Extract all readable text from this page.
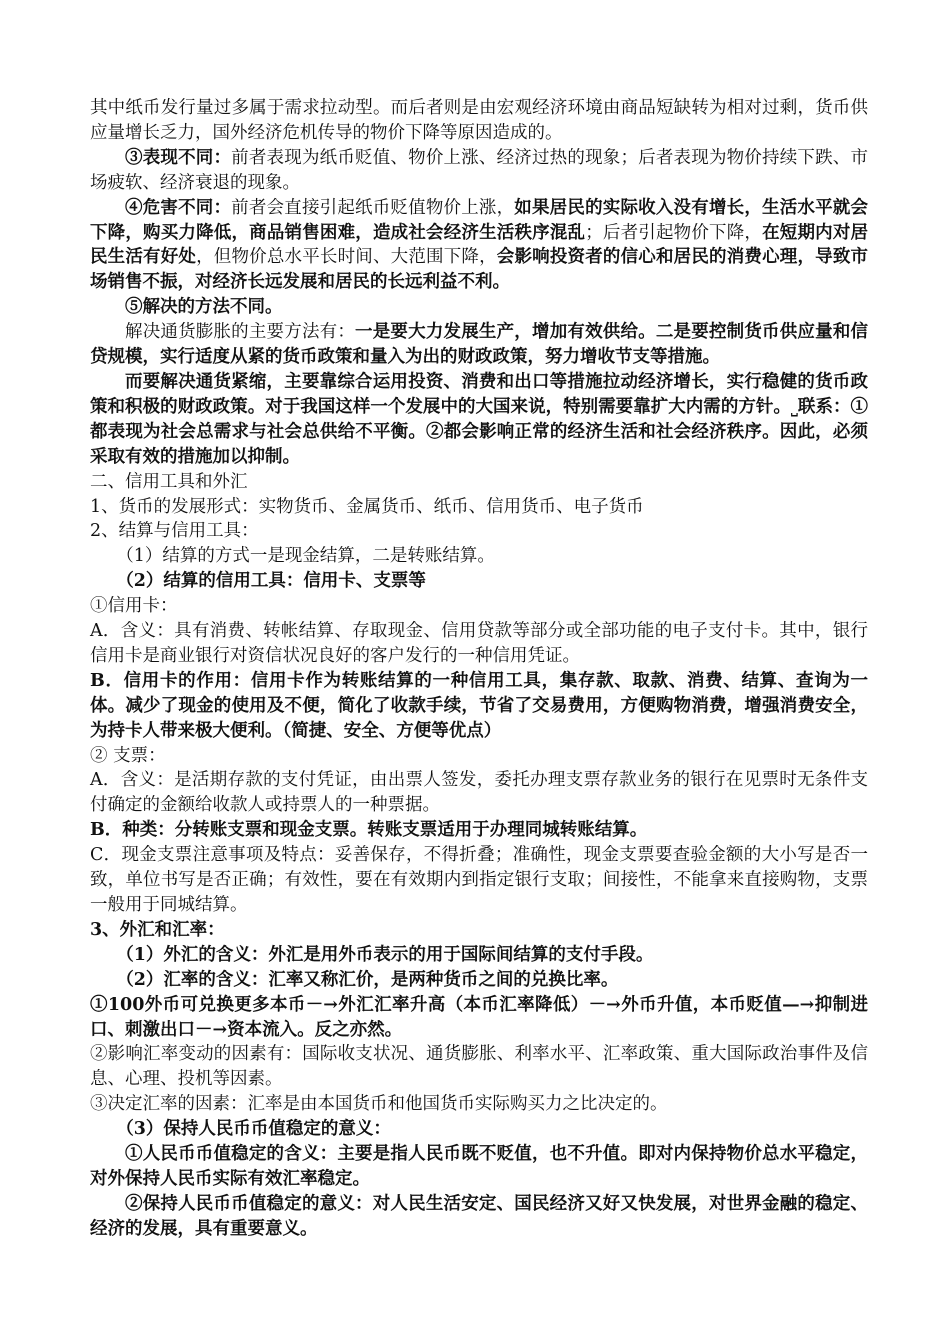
其中纸币发行量过多属于需求拉动型。而后者则是由宏观经济环境由商品短缺转为相对过剩，货币供应量增长乏力，国外经济危机传导的物价下降等原因造成的。

③表现不同：前者表现为纸币贬值、物价上涨、经济过热的现象；后者表现为物价持续下跌、市场疲软、经济衰退的现象。

④危害不同：前者会直接引起纸币贬值物价上涨，如果居民的实际收入没有增长，生活水平就会下降，购买力降低，商品销售困难，造成社会经济生活秩序混乱；后者引起物价下降，在短期内对居民生活有好处，但物价总水平长时间、大范围下降，会影响投资者的信心和居民的消费心理，导致市场销售不振，对经济长远发展和居民的长远利益不利。

⑤解决的方法不同。

解决通货膨胀的主要方法有：一是要大力发展生产，增加有效供给。二是要控制货币供应量和信贷规模，实行适度从紧的货币政策和量入为出的财政政策，努力增收节支等措施。

而要解决通货紧缩，主要靠综合运用投资、消费和出口等措施拉动经济增长，实行稳健的货币政策和积极的财政政策。对于我国这样一个发展中的大国来说，特别需要靠扩大内需的方针。⎵联系：①都表现为社会总需求与社会总供给不平衡。②都会影响正常的经济生活和社会经济秩序。因此，必须采取有效的措施加以抑制。

二、信用工具和外汇

1、货币的发展形式：实物货币、金属货币、纸币、信用货币、电子货币

2、结算与信用工具：

（1）结算的方式一是现金结算，二是转账结算。

（2）结算的信用工具：信用卡、支票等

①信用卡：

A．含义：具有消费、转帐结算、存取现金、信用贷款等部分或全部功能的电子支付卡。其中，银行信用卡是商业银行对资信状况良好的客户发行的一种信用凭证。

B．信用卡的作用：信用卡作为转账结算的一种信用工具，集存款、取款、消费、结算、查询为一体。减少了现金的使用及不便，简化了收款手续，节省了交易费用，方便购物消费，增强消费安全，为持卡人带来极大便利。（简捷、安全、方便等优点）

② 支票：

A．含义：是活期存款的支付凭证，由出票人签发，委托办理支票存款业务的银行在见票时无条件支付确定的金额给收款人或持票人的一种票据。

B．种类：分转账支票和现金支票。转账支票适用于办理同城转账结算。

C．现金支票注意事项及特点：妥善保存，不得折叠；准确性，现金支票要查验金额的大小写是否一致，单位书写是否正确；有效性，要在有效期内到指定银行支取；间接性，不能拿来直接购物，支票一般用于同城结算。

3、外汇和汇率：

（1）外汇的含义：外汇是用外币表示的用于国际间结算的支付手段。

（2）汇率的含义：汇率又称汇价，是两种货币之间的兑换比率。

①100外币可兑换更多本币－→外汇汇率升高（本币汇率降低）－→外币升值，本币贬值—→抑制进口、刺激出口－→资本流入。反之亦然。

②影响汇率变动的因素有：国际收支状况、通货膨胀、利率水平、汇率政策、重大国际政治事件及信息、心理、投机等因素。

③决定汇率的因素：汇率是由本国货币和他国货币实际购买力之比决定的。

（3）保持人民币币值稳定的意义：

①人民币币值稳定的含义：主要是指人民币既不贬值，也不升值。即对内保持物价总水平稳定，对外保持人民币实际有效汇率稳定。

②保持人民币币值稳定的意义：对人民生活安定、国民经济又好又快发展，对世界金融的稳定、经济的发展，具有重要意义。
